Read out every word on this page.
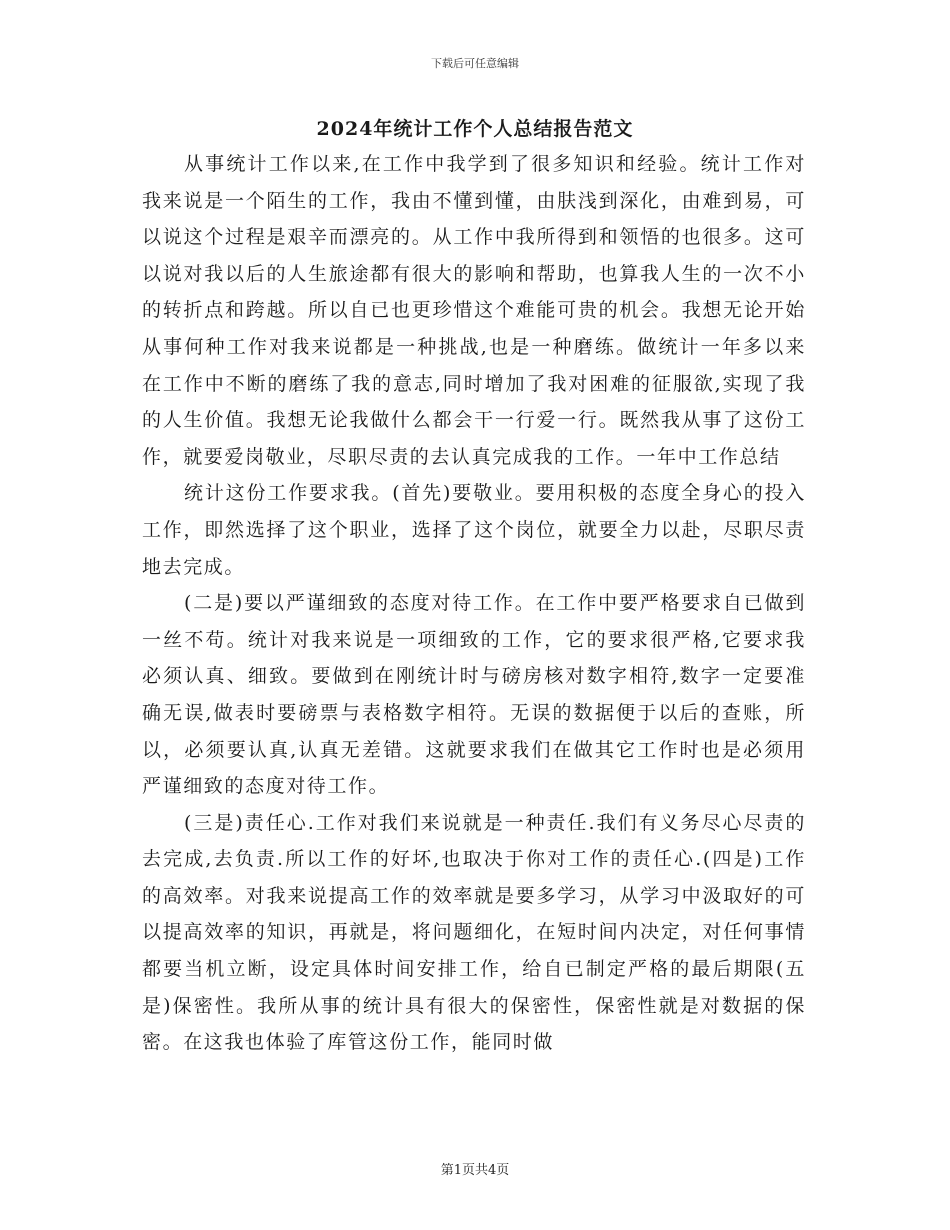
下载后可任意编辑
2024年统计工作个人总结报告范文

从事统计工作以来,在工作中我学到了很多知识和经验。统计工作对我来说是一个陌生的工作，我由不懂到懂，由肤浅到深化，由难到易，可以说这个过程是艰辛而漂亮的。从工作中我所得到和领悟的也很多。这可以说对我以后的人生旅途都有很大的影响和帮助，也算我人生的一次不小的转折点和跨越。所以自已也更珍惜这个难能可贵的机会。我想无论开始从事何种工作对我来说都是一种挑战,也是一种磨练。做统计一年多以来在工作中不断的磨练了我的意志,同时增加了我对困难的征服欲,实现了我的人生价值。我想无论我做什么都会干一行爱一行。既然我从事了这份工作，就要爱岗敬业，尽职尽责的去认真完成我的工作。一年中工作总结

统计这份工作要求我。(首先)要敬业。要用积极的态度全身心的投入工作，即然选择了这个职业，选择了这个岗位，就要全力以赴，尽职尽责地去完成。

(二是)要以严谨细致的态度对待工作。在工作中要严格要求自已做到一丝不苟。统计对我来说是一项细致的工作，它的要求很严格,它要求我必须认真、细致。要做到在刚统计时与磅房核对数字相符,数字一定要准确无误,做表时要磅票与表格数字相符。无误的数据便于以后的查账，所以，必须要认真,认真无差错。这就要求我们在做其它工作时也是必须用严谨细致的态度对待工作。

(三是)责任心.工作对我们来说就是一种责任.我们有义务尽心尽责的去完成,去负责.所以工作的好坏,也取决于你对工作的责任心.(四是)工作的高效率。对我来说提高工作的效率就是要多学习，从学习中汲取好的可以提高效率的知识，再就是，将问题细化，在短时间内决定，对任何事情都要当机立断，设定具体时间安排工作，给自已制定严格的最后期限(五是)保密性。我所从事的统计具有很大的保密性，保密性就是对数据的保密。在这我也体验了库管这份工作，能同时做

第1页共4页
